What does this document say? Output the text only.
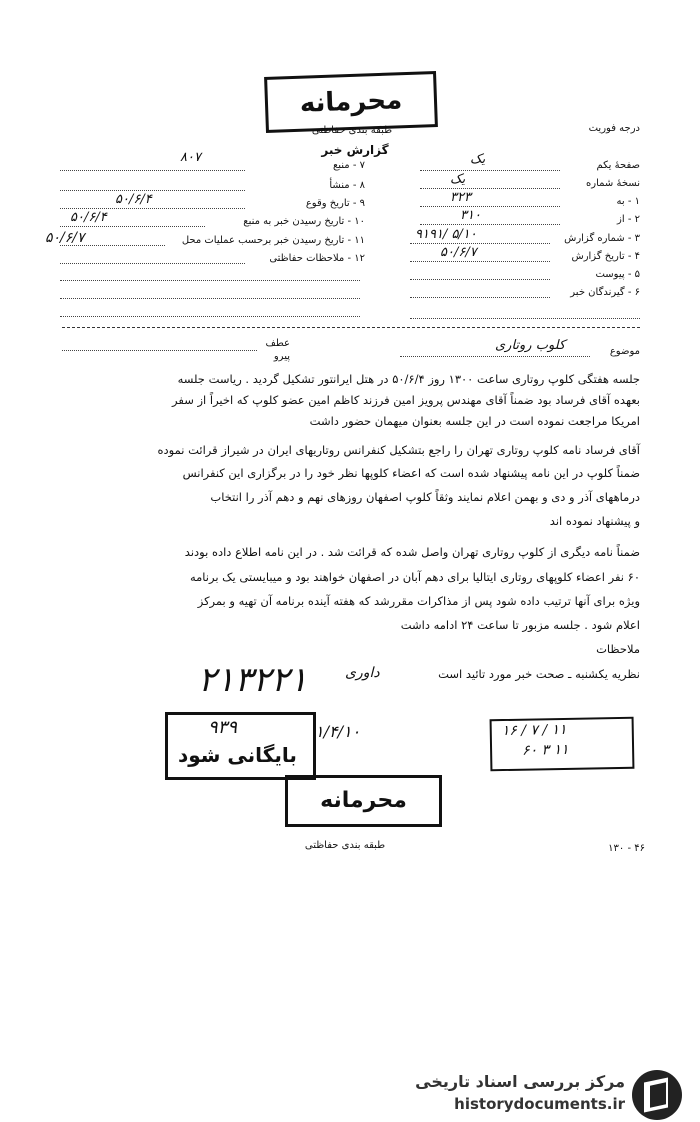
محرمانه
طبقه بندی حفاظتی
گزارش خبر
درجه فوریت
صفحهٔ یکم
یک
نسخهٔ شماره
یک
۱ - به
۳۲۳
۲ - از
۳۱۰
۳ - شماره گزارش
۹۱۹۱/ ۵/۱۰
۴ - تاریخ گزارش
۵۰/۶/۷
۵ - پیوست
۶ - گیرندگان خبر
۷ - منبع
۸۰۷
۸ - منشأ
۹ - تاریخ وقوع
۵۰/۶/۴
۱۰ - تاریخ رسیدن خبر به منبع
۵۰/۶/۴
۱۱ - تاریخ رسیدن خبر برحسب عملیات محل
۵۰/۶/۷
۱۲ - ملاحظات حفاظتی
موضوع
کلوب روتاری
عطف
پیرو
جلسه هفتگی کلوپ روتاری ساعت ۱۳۰۰ روز ۵۰/۶/۴ در هتل ایرانتور تشکیل گردید . ریاست جلسه
بعهده آقای فرساد بود ضمناً آقای مهندس پرویز امین فرزند کاظم امین عضو کلوپ که اخیراً از سفر
امریکا مراجعت نموده است در این جلسه بعنوان میهمان حضور داشت
آقای فرساد نامه کلوپ روتاری تهران را راجع بتشکیل کنفرانس روتاریهای ایران در شیراز قرائت نموده
ضمناً کلوپ در این نامه پیشنهاد شده است که اعضاء کلوپها نظر خود را در برگزاری این کنفرانس
درماههای آذر و دی و بهمن اعلام نمایند وثقاً کلوپ اصفهان روزهای نهم و دهم آذر را انتخاب
و پیشنهاد نموده اند
ضمناً نامه دیگری از کلوپ روتاری تهران واصل شده که قرائت شد . در این نامه اطلاع داده بودند
۶۰ نفر اعضاء کلوپهای روتاری ایتالیا برای دهم آبان در اصفهان خواهند بود و میبایستی یک برنامه
ویژه برای آنها ترتیب داده شود پس از مذاکرات مقررشد که هفته آینده برنامه آن تهیه و بمرکز
اعلام شود . جلسه مزبور تا ساعت ۲۴ ادامه داشت
ملاحظات
نظریه یکشنبه ـ صحت خبر مورد تائید است
داوری
۲۱۳۲۲۱
۹۳۹
بایگانی شود
۱/۴/۱۰	۱۶ / ۷ / ۱۱
۶۰ ۳ ۱۱
محرمانه
طبقه بندی حفاظتی	۱۳۰ - ۴۶
مرکز بررسی اسناد تاریخی
historydocuments.ir
